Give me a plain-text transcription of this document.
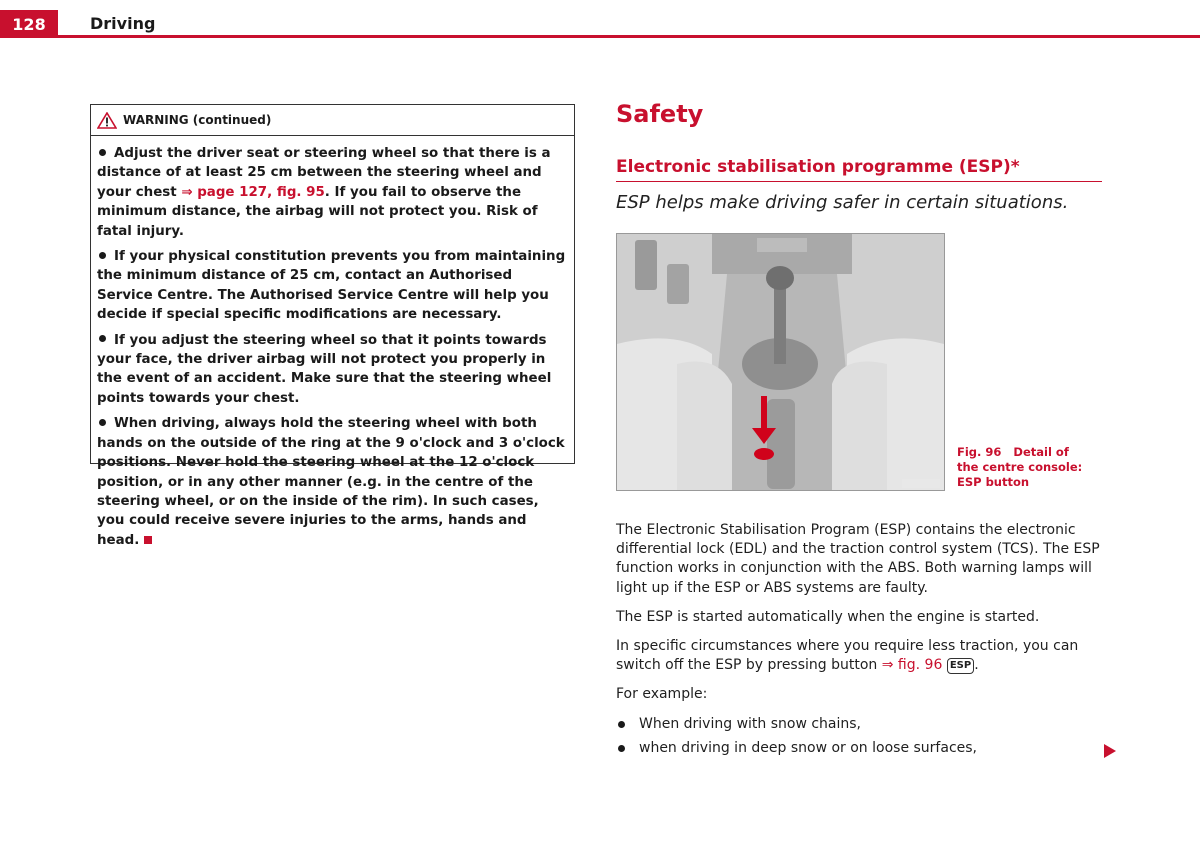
128	Driving
WARNING (continued)

Adjust the driver seat or steering wheel so that there is a distance of at least 25 cm between the steering wheel and your chest ⇒ page 127, fig. 95. If you fail to observe the minimum distance, the airbag will not protect you. Risk of fatal injury.

If your physical constitution prevents you from maintaining the minimum distance of 25 cm, contact an Authorised Service Centre. The Authorised Service Centre will help you decide if special specific modifications are necessary.

If you adjust the steering wheel so that it points towards your face, the driver airbag will not protect you properly in the event of an accident. Make sure that the steering wheel points towards your chest.

When driving, always hold the steering wheel with both hands on the outside of the ring at the 9 o'clock and 3 o'clock positions. Never hold the steering wheel at the 12 o'clock position, or in any other manner (e.g. in the centre of the steering wheel, or on the inside of the rim). In such cases, you could receive severe injuries to the arms, hands and head.

Safety
Electronic stabilisation programme (ESP)*
ESP helps make driving safer in certain situations.
Fig. 96 Detail of the centre console: ESP button

The Electronic Stabilisation Program (ESP) contains the electronic differential lock (EDL) and the traction control system (TCS). The ESP function works in conjunction with the ABS. Both warning lamps will light up if the ESP or ABS systems are faulty.

The ESP is started automatically when the engine is started.

In specific circumstances where you require less traction, you can switch off the ESP by pressing button ⇒ fig. 96 ESP .

For example:

When driving with snow chains,
when driving in deep snow or on loose surfaces,
